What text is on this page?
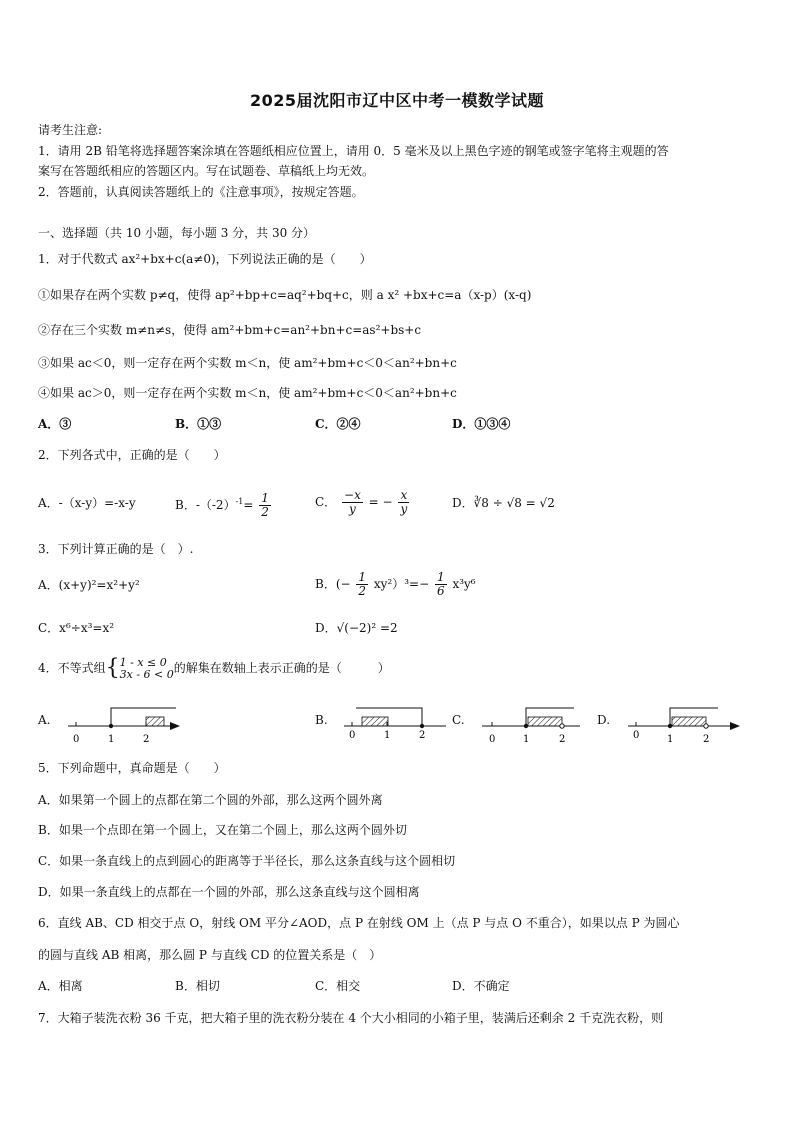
2025届沈阳市辽中区中考一模数学试题
请考生注意:
1．请用 2B 铅笔将选择题答案涂填在答题纸相应位置上，请用 0．5 毫米及以上黑色字迹的钢笔或签字笔将主观题的答
案写在答题纸相应的答题区内。写在试题卷、草稿纸上均无效。
2．答题前，认真阅读答题纸上的《注意事项》，按规定答题。
一、选择题（共 10 小题，每小题 3 分，共 30 分）
1．对于代数式 ax²+bx+c(a≠0)，下列说法正确的是（　　）
①如果存在两个实数 p≠q，使得 ap²+bp+c=aq²+bq+c，则 a x² +bx+c=a（x-p）(x-q)
②存在三个实数 m≠n≠s，使得 am²+bm+c=an²+bn+c=as²+bs+c
③如果 ac＜0，则一定存在两个实数 m＜n，使 am²+bm+c＜0＜an²+bn+c
④如果 ac＞0，则一定存在两个实数 m＜n，使 am²+bm+c＜0＜an²+bn+c
A．③	B．①③	C．②④	D．①③④
2．下列各式中，正确的是（　　）
A．-（x-y）=-x-y	B．$-(-2)^{-1}= \frac{1}{2}$	C． $\frac{-x}{y}$ = − $\frac{x}{y}$	D．∛8 ÷ √8 = √2
3．下列计算正确的是（　）.
A．(x+y)²=x²+y²	B．(− $\frac{1}{2} xy^2)^3=- \frac{1}{6} x^3y^6$
C．x⁶÷x³=x²	D．√(−2)² =2
4．不等式组{ 1 - x ≤ 0
3x - 6 < 0 的解集在数轴上表示正确的是（　　　）
A.
0	1	2
B.
0	1	2
C.
0	1	2
D.
0	1	2
5．下列命题中，真命题是（　　）
A．如果第一个圆上的点都在第二个圆的外部，那么这两个圆外离
B．如果一个点即在第一个圆上，又在第二个圆上，那么这两个圆外切
C．如果一条直线上的点到圆心的距离等于半径长，那么这条直线与这个圆相切
D．如果一条直线上的点都在一个圆的外部，那么这条直线与这个圆相离
6．直线 AB、CD 相交于点 O，射线 OM 平分∠AOD，点 P 在射线 OM 上（点 P 与点 O 不重合），如果以点 P 为圆心
的圆与直线 AB 相离，那么圆 P 与直线 CD 的位置关系是（　）
A．相离	B．相切	C．相交	D．不确定
7．大箱子装洗衣粉 36 千克，把大箱子里的洗衣粉分装在 4 个大小相同的小箱子里，装满后还剩余 2 千克洗衣粉，则
